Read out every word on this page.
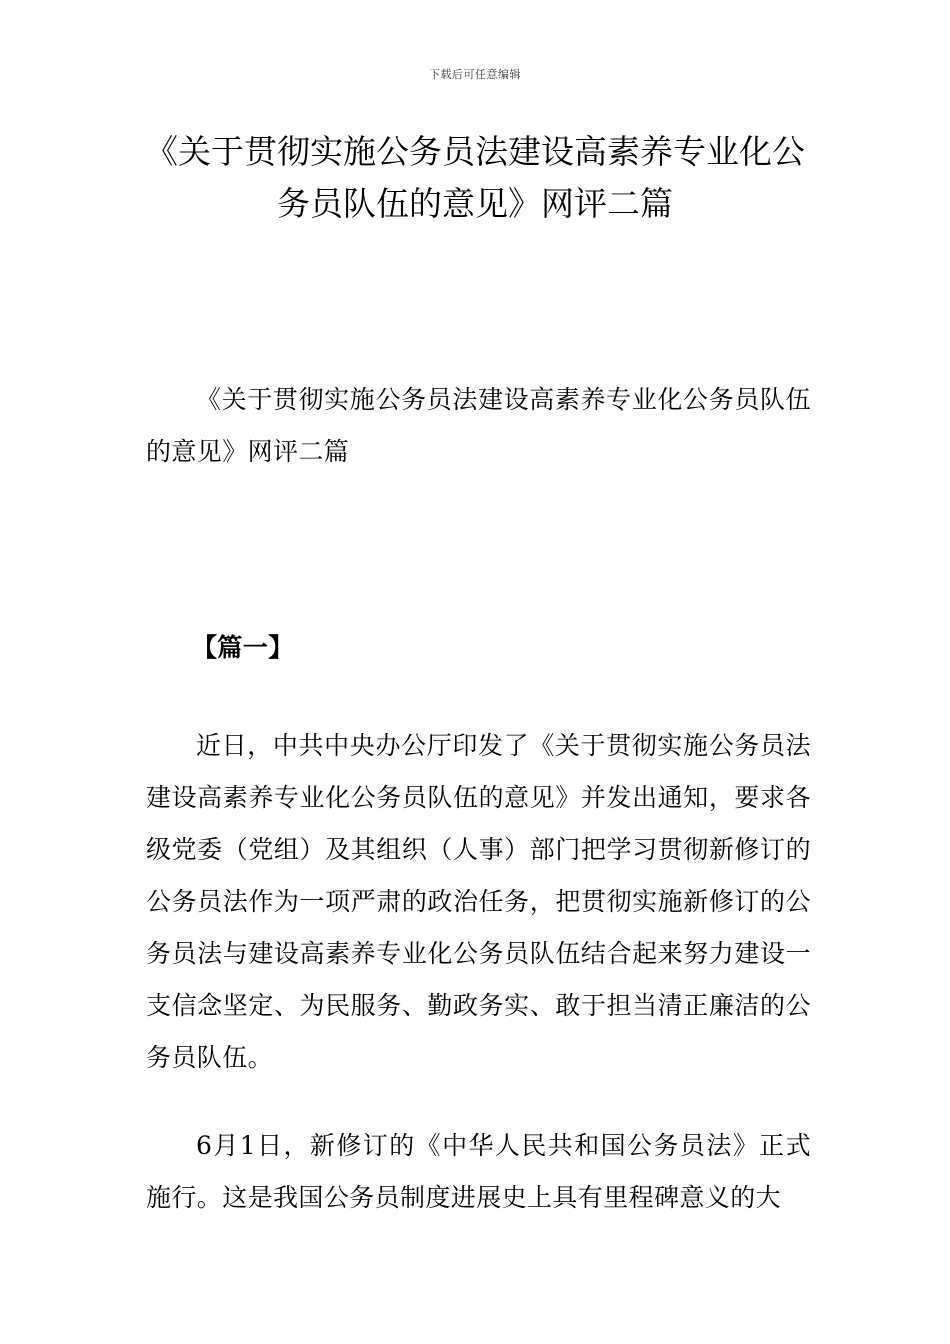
下载后可任意编辑
《关于贯彻实施公务员法建设高素养专业化公务员队伍的意见》网评二篇

《关于贯彻实施公务员法建设高素养专业化公务员队伍的意见》网评二篇

【篇一】

近日，中共中央办公厅印发了《关于贯彻实施公务员法建设高素养专业化公务员队伍的意见》并发出通知，要求各级党委（党组）及其组织（人事）部门把学习贯彻新修订的公务员法作为一项严肃的政治任务，把贯彻实施新修订的公务员法与建设高素养专业化公务员队伍结合起来努力建设一支信念坚定、为民服务、勤政务实、敢于担当清正廉洁的公务员队伍。

6月1日，新修订的《中华人民共和国公务员法》正式施行。这是我国公务员制度进展史上具有里程碑意义的大
